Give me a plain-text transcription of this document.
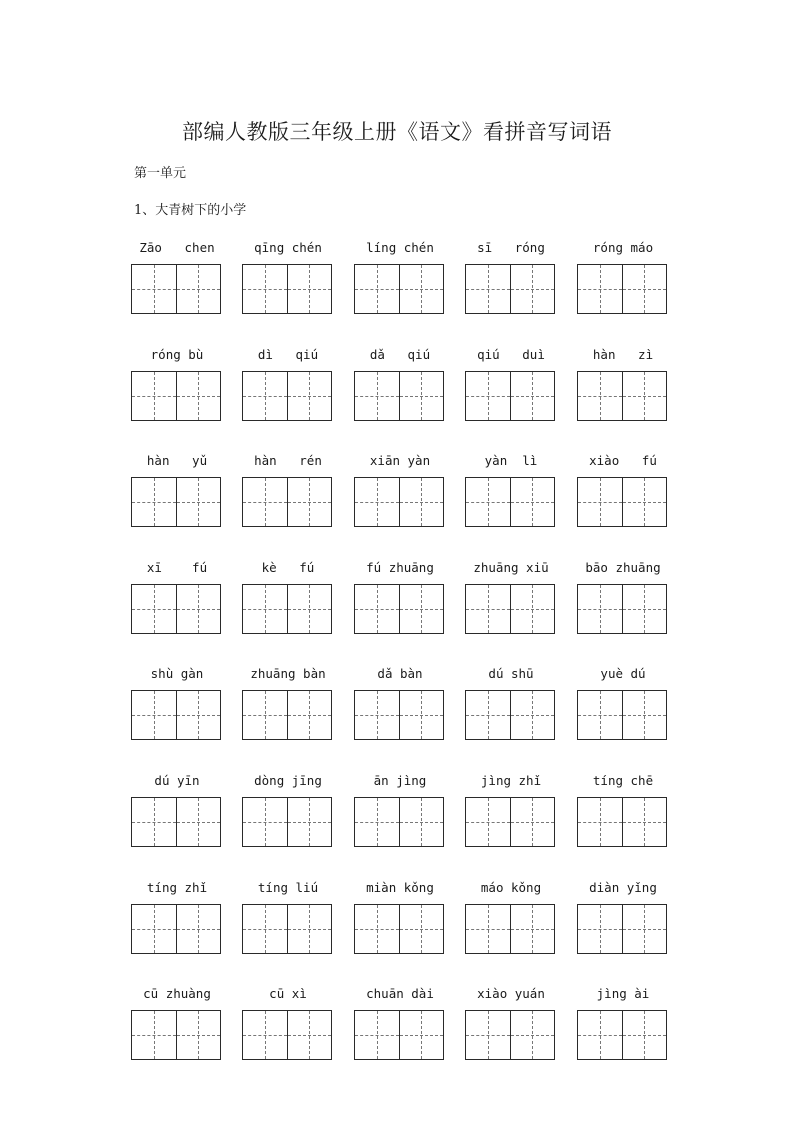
部编人教版三年级上册《语文》看拼音写词语
第一单元
1、大青树下的小学
Zāo   chen	qīng chén	líng chén	sī   róng	róng máo
róng bù	dì   qiú	dǎ   qiú	qiú   duì	hàn   zì
hàn   yǔ	hàn   rén	xiān yàn	yàn  lì	xiào   fú
xī    fú	kè   fú	fú zhuāng	zhuāng xiū	bāo zhuāng
shù gàn	zhuāng bàn	dǎ bàn	dú shū	yuè dú
dú yīn	dòng jīng	ān jìng	jìng zhǐ	tíng chē
tíng zhǐ	tíng liú	miàn kǒng	máo kǒng	diàn yǐng
cū zhuàng	cū xì	chuān dài	xiào yuán	jìng ài
